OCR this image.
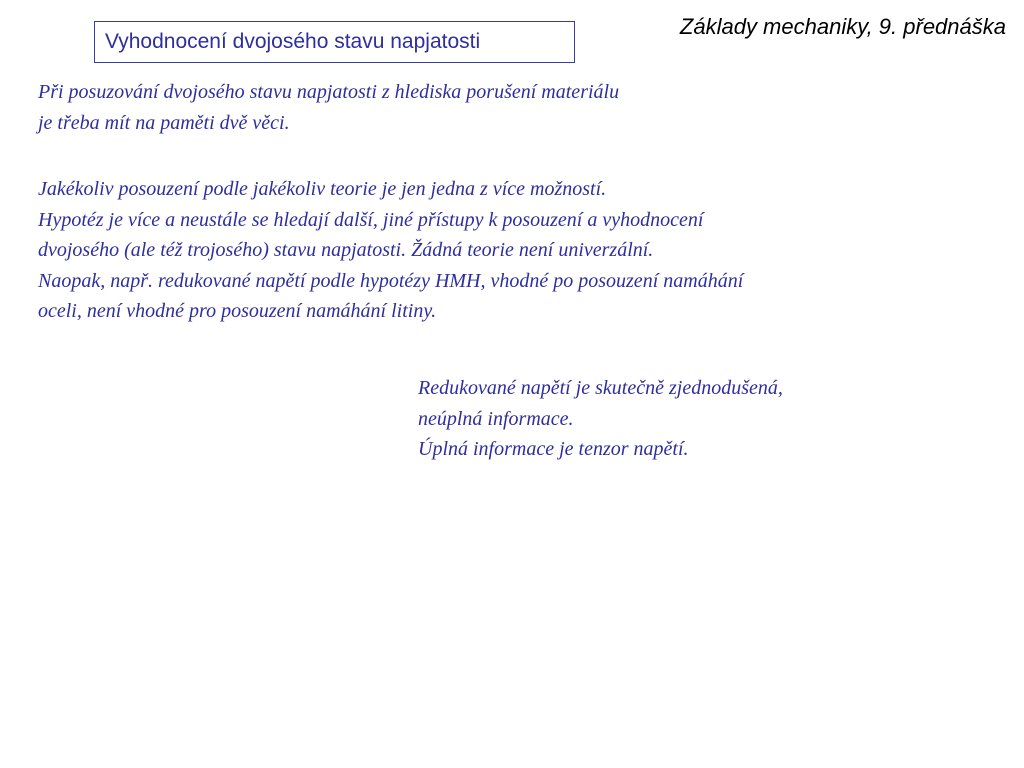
Základy mechaniky, 9. přednáška
Vyhodnocení dvojosého stavu napjatosti
Při posuzování dvojosého stavu napjatosti z hlediska porušení materiálu
je třeba mít na paměti dvě věci.
Jakékoliv posouzení podle jakékoliv teorie je jen jedna z více možností.
Hypotéz je více a neustále se hledají další, jiné přístupy k posouzení a vyhodnocení
dvojosého (ale též trojosého) stavu napjatosti. Žádná teorie není univerzální.
Naopak, např. redukované napětí podle hypotézy HMH, vhodné po posouzení namáhání
oceli, není vhodné pro posouzení namáhání litiny.
Redukované napětí je skutečně zjednodušená,
neúplná informace.
Úplná informace je tenzor napětí.
